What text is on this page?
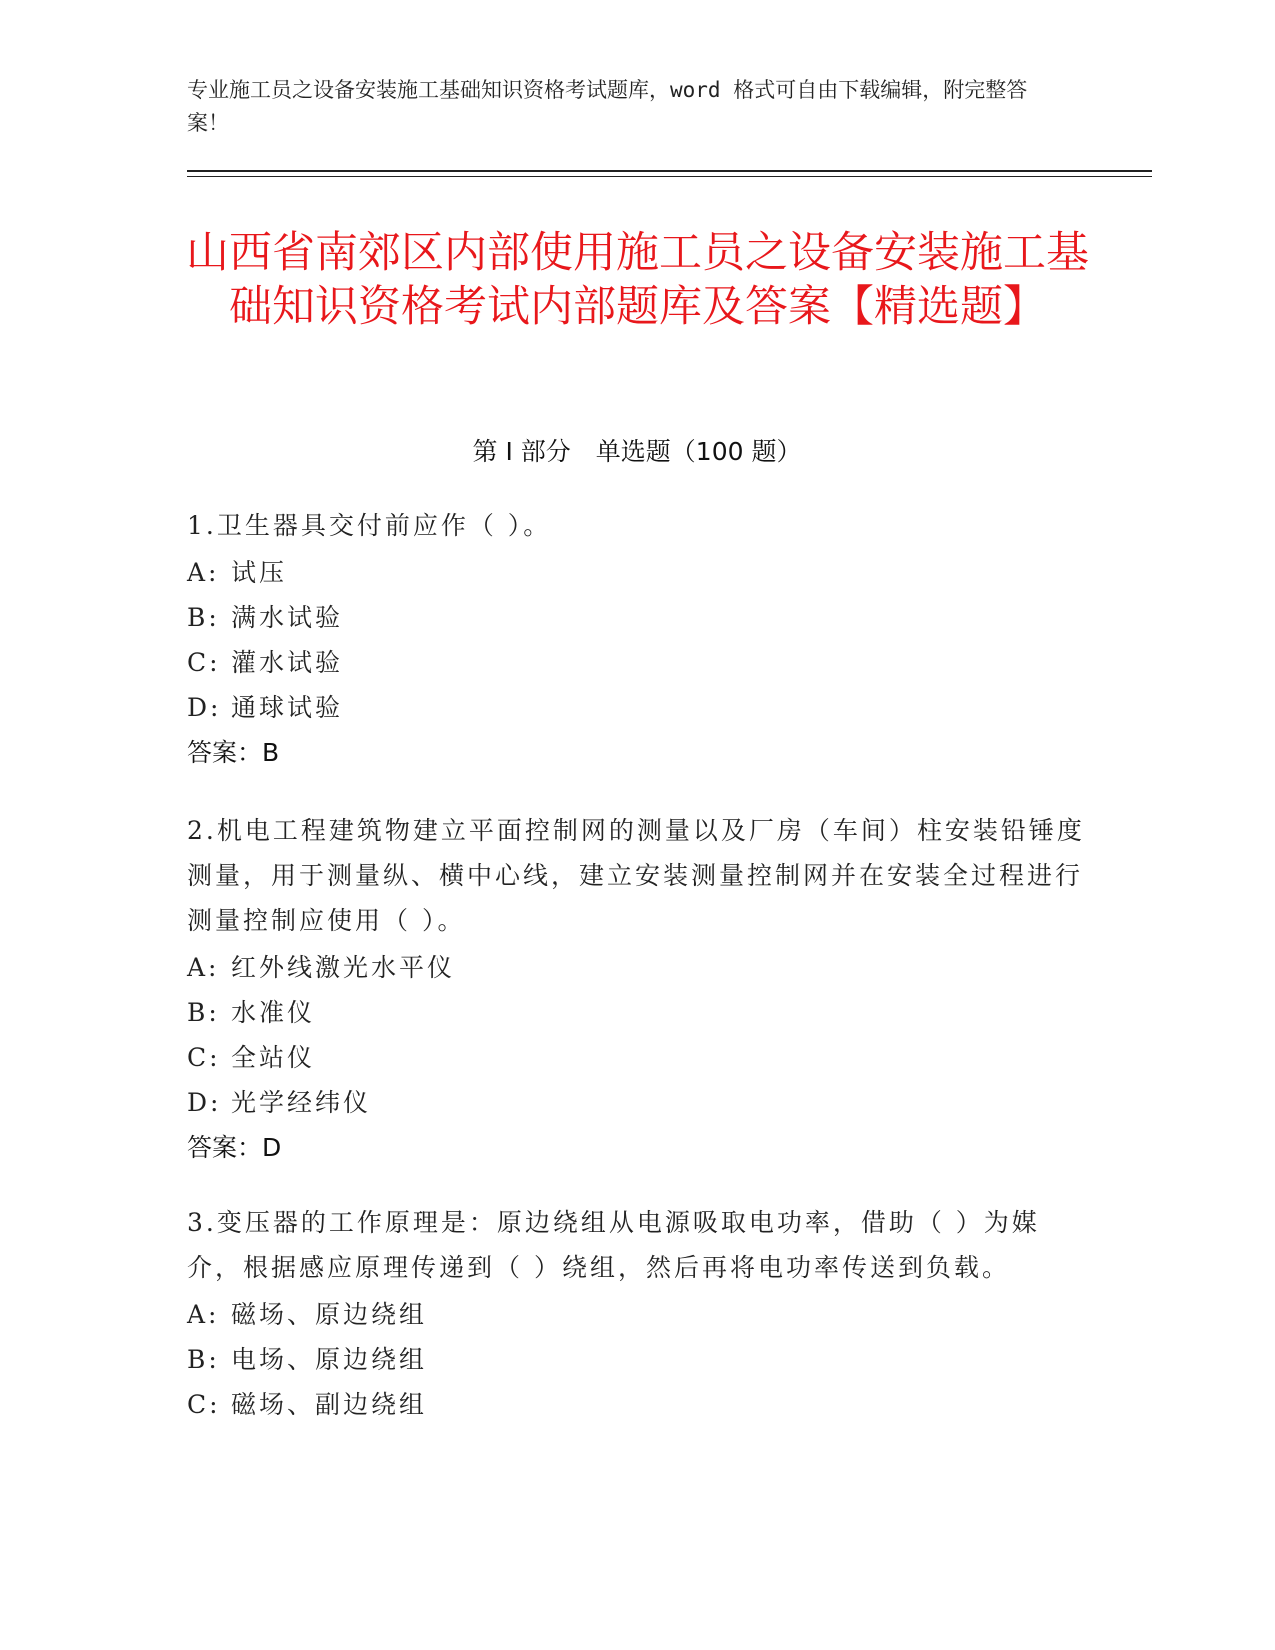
专业施工员之设备安装施工基础知识资格考试题库，word 格式可自由下载编辑，附完整答案！
山西省南郊区内部使用施工员之设备安装施工基础知识资格考试内部题库及答案【精选题】
第 I 部分　单选题（100 题）

1.卫生器具交付前应作（ ）。

A: 试压

B: 满水试验

C: 灌水试验

D: 通球试验

答案：B

2.机电工程建筑物建立平面控制网的测量以及厂房（车间）柱安装铅锤度测量，用于测量纵、横中心线，建立安装测量控制网并在安装全过程进行测量控制应使用（ ）。

A: 红外线激光水平仪

B: 水准仪

C: 全站仪

D: 光学经纬仪

答案：D

3.变压器的工作原理是：原边绕组从电源吸取电功率，借助（ ）为媒介，根据感应原理传递到（ ）绕组，然后再将电功率传送到负载。

A: 磁场、原边绕组

B: 电场、原边绕组

C: 磁场、副边绕组
